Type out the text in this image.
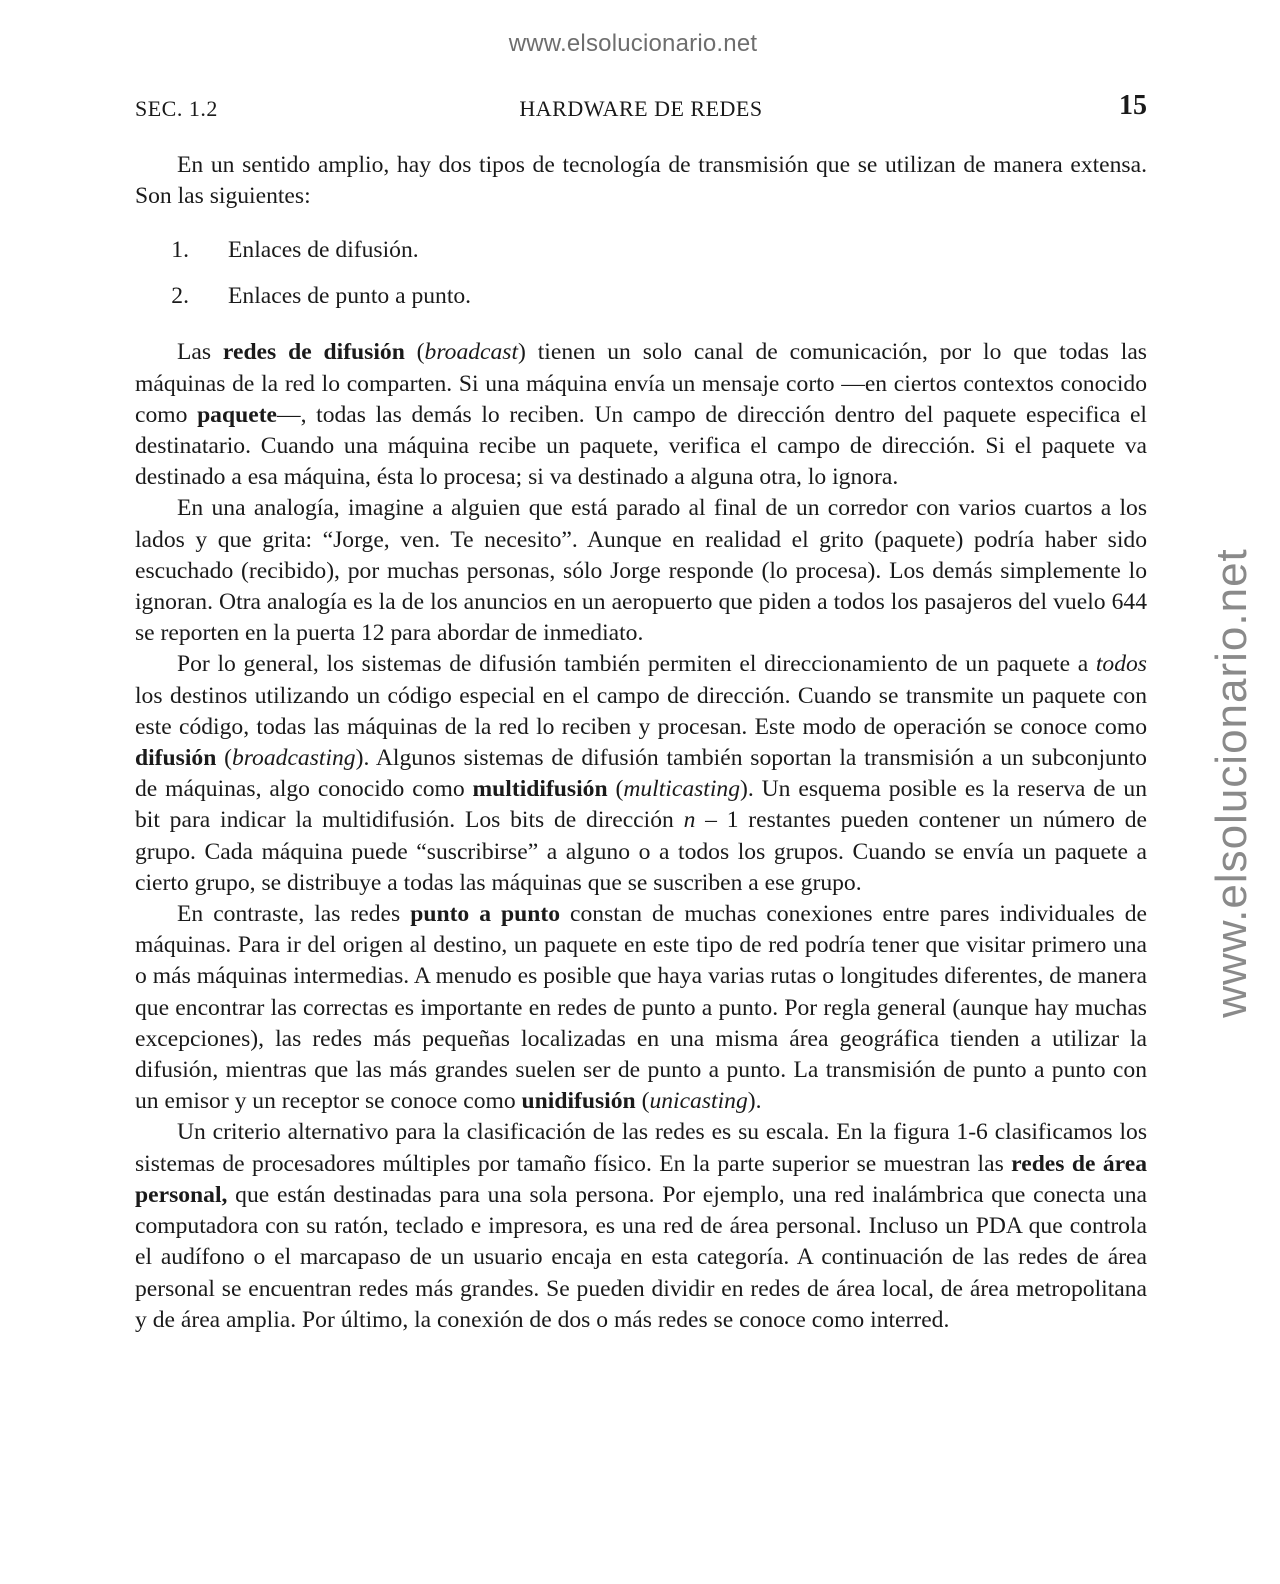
www.elsolucionario.net
www.elsolucionario.net
SEC. 1.2	HARDWARE DE REDES	15

En un sentido amplio, hay dos tipos de tecnología de transmisión que se utilizan de manera extensa. Son las siguientes:

1. Enlaces de difusión.
2. Enlaces de punto a punto.

Las redes de difusión (broadcast) tienen un solo canal de comunicación, por lo que todas las máquinas de la red lo comparten. Si una máquina envía un mensaje corto —en ciertos contextos conocido como paquete—, todas las demás lo reciben. Un campo de dirección dentro del paquete especifica el destinatario. Cuando una máquina recibe un paquete, verifica el campo de dirección. Si el paquete va destinado a esa máquina, ésta lo procesa; si va destinado a alguna otra, lo ignora.

En una analogía, imagine a alguien que está parado al final de un corredor con varios cuartos a los lados y que grita: “Jorge, ven. Te necesito”. Aunque en realidad el grito (paquete) podría haber sido escuchado (recibido), por muchas personas, sólo Jorge responde (lo procesa). Los demás simplemente lo ignoran. Otra analogía es la de los anuncios en un aeropuerto que piden a todos los pasajeros del vuelo 644 se reporten en la puerta 12 para abordar de inmediato.

Por lo general, los sistemas de difusión también permiten el direccionamiento de un paquete a todos los destinos utilizando un código especial en el campo de dirección. Cuando se transmite un paquete con este código, todas las máquinas de la red lo reciben y procesan. Este modo de operación se conoce como difusión (broadcasting). Algunos sistemas de difusión también soportan la transmisión a un subconjunto de máquinas, algo conocido como multidifusión (multicasting). Un esquema posible es la reserva de un bit para indicar la multidifusión. Los bits de dirección n – 1 restantes pueden contener un número de grupo. Cada máquina puede “suscribirse” a alguno o a todos los grupos. Cuando se envía un paquete a cierto grupo, se distribuye a todas las máquinas que se suscriben a ese grupo.

En contraste, las redes punto a punto constan de muchas conexiones entre pares individuales de máquinas. Para ir del origen al destino, un paquete en este tipo de red podría tener que visitar primero una o más máquinas intermedias. A menudo es posible que haya varias rutas o longitudes diferentes, de manera que encontrar las correctas es importante en redes de punto a punto. Por regla general (aunque hay muchas excepciones), las redes más pequeñas localizadas en una misma área geográfica tienden a utilizar la difusión, mientras que las más grandes suelen ser de punto a punto. La transmisión de punto a punto con un emisor y un receptor se conoce como unidifusión (unicasting).

Un criterio alternativo para la clasificación de las redes es su escala. En la figura 1-6 clasificamos los sistemas de procesadores múltiples por tamaño físico. En la parte superior se muestran las redes de área personal, que están destinadas para una sola persona. Por ejemplo, una red inalámbrica que conecta una computadora con su ratón, teclado e impresora, es una red de área personal. Incluso un PDA que controla el audífono o el marcapaso de un usuario encaja en esta categoría. A continuación de las redes de área personal se encuentran redes más grandes. Se pueden dividir en redes de área local, de área metropolitana y de área amplia. Por último, la conexión de dos o más redes se conoce como interred.
